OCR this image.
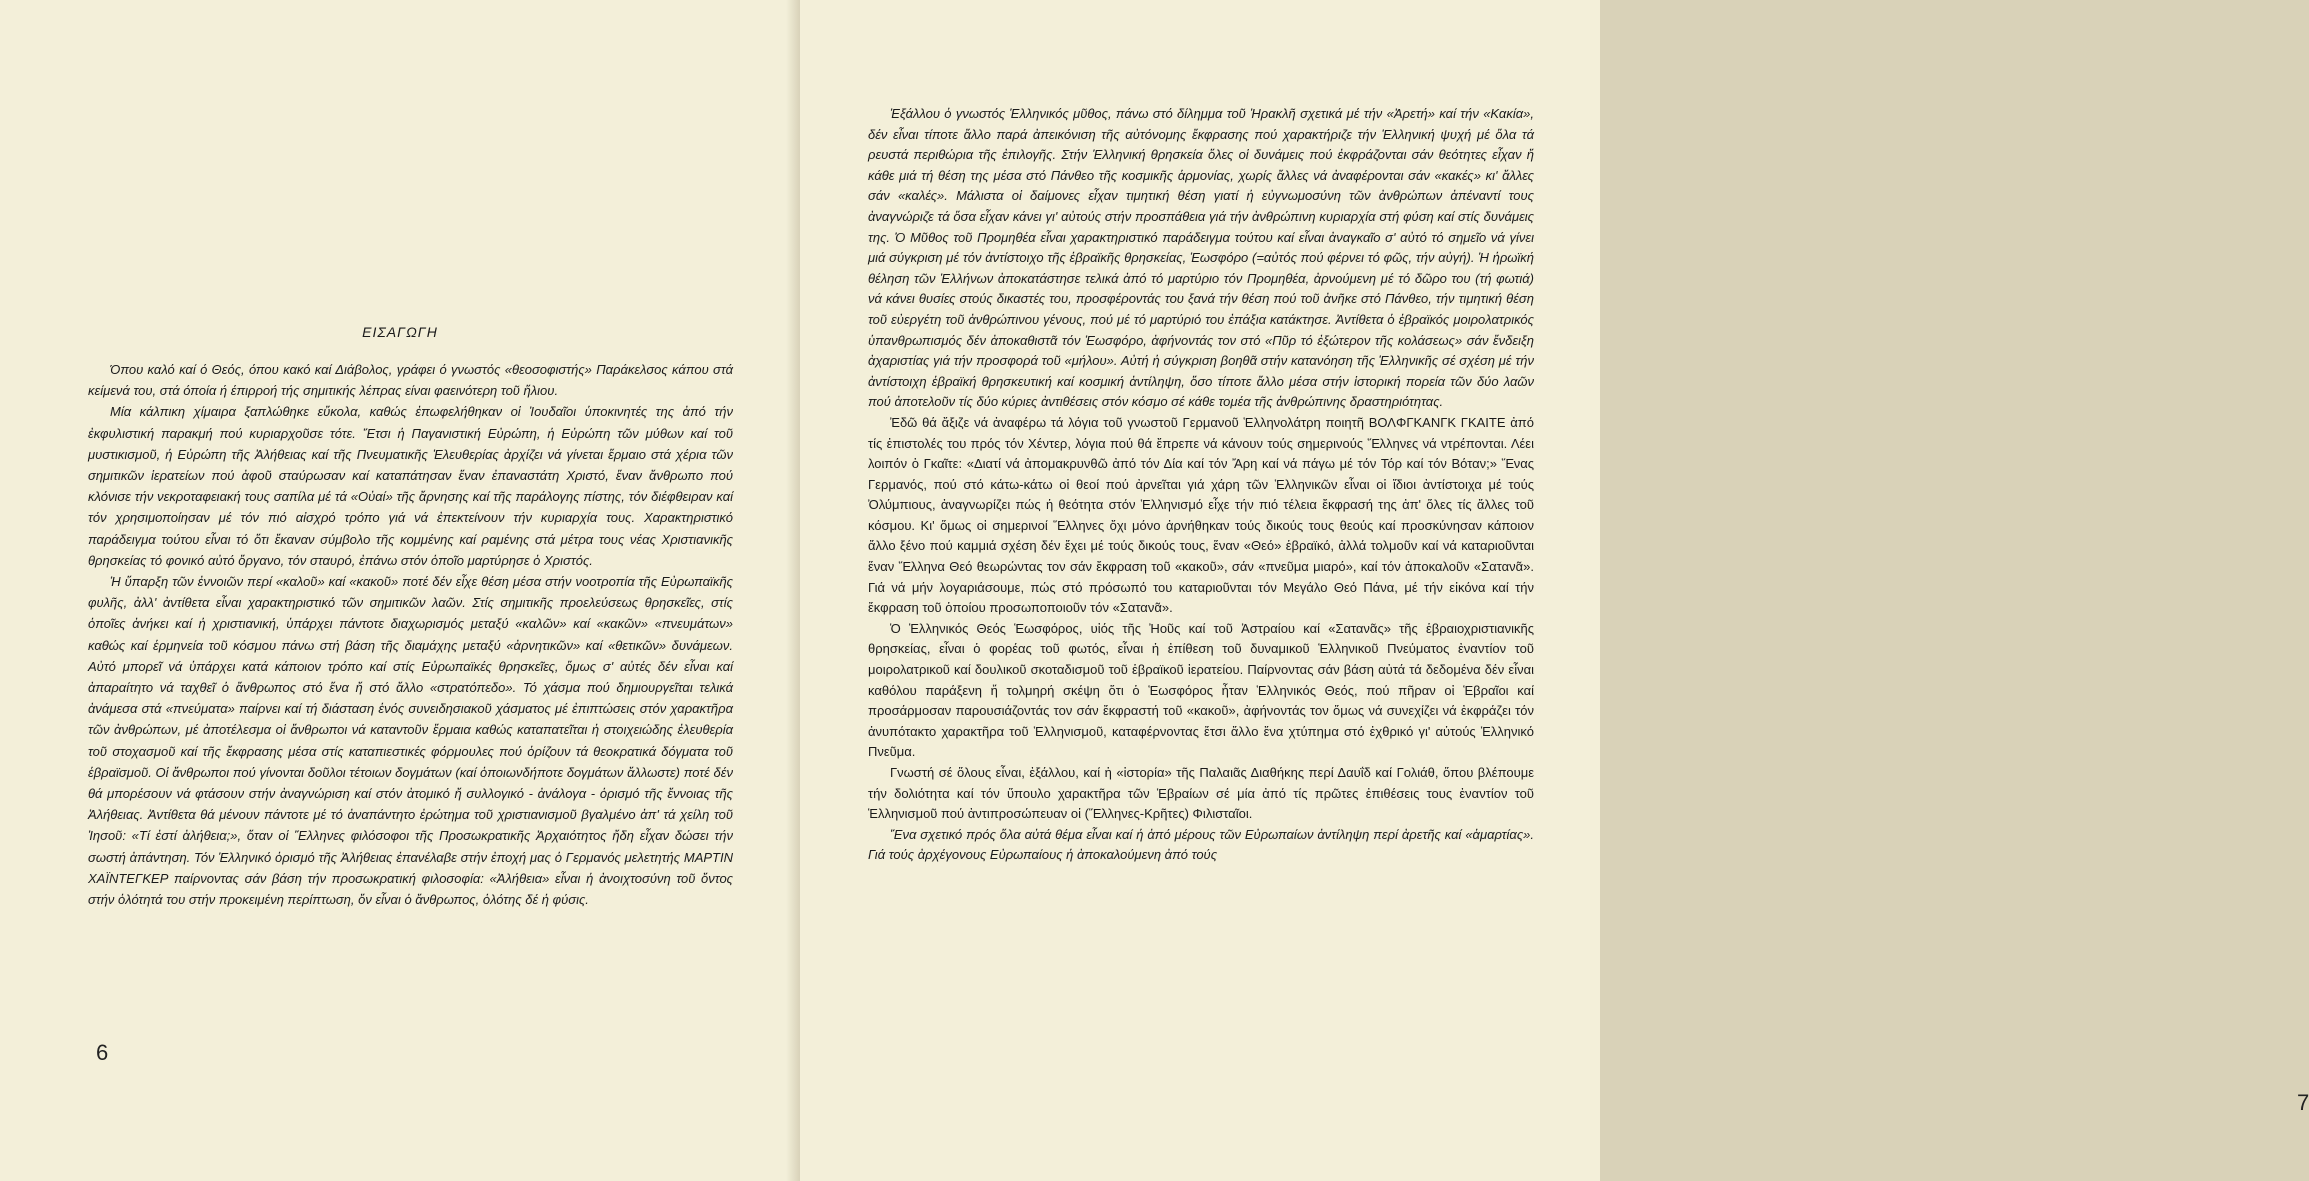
ΕΙΣΑΓΩΓΗ

Όπου καλό καί ό Θεός, όπου κακό καί Διάβολος, γράφει ό γνωστός «θεοσοφιστής» Παράκελσος κάπου στά κείμενά του, στά όποία ή έπιρροή τής σημιτικής λέπρας είναι φαεινότερη τοῦ ἥλιου.

Μία κάλπικη χίμαιρα ξαπλώθηκε εὔκολα, καθώς ἐπωφελήθηκαν οἱ Ἰουδαῖοι ὑποκινητές της ἀπό τήν ἐκφυλιστική παρακμή πού κυριαρχοῦσε τότε. Ἔτσι ἡ Παγανιστική Εὐρώπη, ἡ Εὐρώπη τῶν μύθων καί τοῦ μυστικισμοῦ, ἡ Εὐρώπη τῆς Ἀλήθειας καί τῆς Πνευματικῆς Ἐλευθερίας ἀρχίζει νά γίνεται ἕρμαιο στά χέρια τῶν σημιτικῶν ἱερατείων πού ἀφοῦ σταύρωσαν καί καταπάτησαν ἕναν ἐπαναστάτη Χριστό, ἕναν ἄνθρωπο πού κλόνισε τήν νεκροταφειακή τους σαπίλα μέ τά «Οὐαί» τῆς ἄρνησης καί τῆς παράλογης πίστης, τόν διέφθειραν καί τόν χρησιμοποίησαν μέ τόν πιό αἰσχρό τρόπο γιά νά ἐπεκτείνουν τήν κυριαρχία τους. Χαρακτηριστικό παράδειγμα τούτου εἶναι τό ὅτι ἔκαναν σύμβολο τῆς κομμένης καί ραμένης στά μέτρα τους νέας Χριστιανικῆς θρησκείας τό φονικό αὐτό ὄργανο, τόν σταυρό, ἐπάνω στόν ὁποῖο μαρτύρησε ὁ Χριστός.

Ἡ ὕπαρξη τῶν ἐννοιῶν περί «καλοῦ» καί «κακοῦ» ποτέ δέν εἶχε θέση μέσα στήν νοοτροπία τῆς Εὐρωπαϊκῆς φυλῆς, ἀλλ' ἀντίθετα εἶναι χαρακτηριστικό τῶν σημιτικῶν λαῶν. Στίς σημιτικῆς προελεύσεως θρησκεῖες, στίς ὁποῖες ἀνήκει καί ἡ χριστιανική, ὑπάρχει πάντοτε διαχωρισμός μεταξύ «καλῶν» καί «κακῶν» «πνευμάτων» καθώς καί ἑρμηνεία τοῦ κόσμου πάνω στή βάση τῆς διαμάχης μεταξύ «ἀρνητικῶν» καί «θετικῶν» δυνάμεων. Αὐτό μπορεῖ νά ὑπάρχει κατά κάποιον τρόπο καί στίς Εὐρωπαϊκές θρησκεῖες, ὅμως σ' αὐτές δέν εἶναι καί ἀπαραίτητο νά ταχθεῖ ὁ ἄνθρωπος στό ἕνα ἤ στό ἄλλο «στρατόπεδο». Τό χάσμα πού δημιουργεῖται τελικά ἀνάμεσα στά «πνεύματα» παίρνει καί τή διάσταση ἑνός συνειδησιακοῦ χάσματος μέ ἐπιπτώσεις στόν χαρακτῆρα τῶν ἀνθρώπων, μέ ἀποτέλεσμα οἱ ἄνθρωποι νά καταντοῦν ἕρμαια καθώς καταπατεῖται ἡ στοιχειώδης ἐλευθερία τοῦ στοχασμοῦ καί τῆς ἔκφρασης μέσα στίς καταπιεστικές φόρμουλες πού ὁρίζουν τά θεοκρατικά δόγματα τοῦ ἑβραϊσμοῦ. Οἱ ἄνθρωποι πού γίνονται δοῦλοι τέτοιων δογμάτων (καί ὁποιωνδήποτε δογμάτων ἄλλωστε) ποτέ δέν θά μπορέσουν νά φτάσουν στήν ἀναγνώριση καί στόν ἀτομικό ἤ συλλογικό - ἀνάλογα - ὁρισμό τῆς ἔννοιας τῆς Ἀλήθειας. Ἀντίθετα θά μένουν πάντοτε μέ τό ἀναπάντητο ἐρώτημα τοῦ χριστιανισμοῦ βγαλμένο ἀπ' τά χείλη τοῦ Ἰησοῦ: «Τί ἐστί ἀλήθεια;», ὅταν οἱ Ἕλληνες φιλόσοφοι τῆς Προσωκρατικῆς Ἀρχαιότητος ἤδη εἶχαν δώσει τήν σωστή ἀπάντηση. Τόν Ἑλληνικό ὁρισμό τῆς Ἀλήθειας ἐπανέλαβε στήν ἐποχή μας ὁ Γερμανός μελετητής ΜΑΡΤΙΝ ΧΑΪΝΤΕΓΚΕΡ παίρνοντας σάν βάση τήν προσωκρατική φιλοσοφία: «Ἀλήθεια» εἶναι ἡ ἀνοιχτοσύνη τοῦ ὄντος στήν ὁλότητά του στήν προκειμένη περίπτωση, ὄν εἶναι ὁ ἄνθρωπος, ὁλότης δέ ἡ φύσις.

6
7

Ἐξάλλου ὁ γνωστός Ἑλληνικός μῦθος, πάνω στό δίλημμα τοῦ Ἡρακλῆ σχετικά μέ τήν «Ἀρετή» καί τήν «Κακία», δέν εἶναι τίποτε ἄλλο παρά ἀπεικόνιση τῆς αὐτόνομης ἔκφρασης πού χαρακτήριζε τήν Ἑλληνική ψυχή μέ ὅλα τά ρευστά περιθώρια τῆς ἐπιλογῆς. Στήν Ἑλληνική θρησκεία ὅλες οἱ δυνάμεις πού ἐκφράζονται σάν θεότητες εἶχαν ἤ κάθε μιά τή θέση της μέσα στό Πάνθεο τῆς κοσμικῆς ἁρμονίας, χωρίς ἄλλες νά ἀναφέρονται σάν «κακές» κι' ἄλλες σάν «καλές». Μάλιστα οἱ δαίμονες εἶχαν τιμητική θέση γιατί ἡ εὐγνωμοσύνη τῶν ἀνθρώπων ἀπέναντί τους ἀναγνώριζε τά ὅσα εἶχαν κάνει γι' αὐτούς στήν προσπάθεια γιά τήν ἀνθρώπινη κυριαρχία στή φύση καί στίς δυνάμεις της. Ὁ Μῦθος τοῦ Προμηθέα εἶναι χαρακτηριστικό παράδειγμα τούτου καί εἶναι ἀναγκαῖο σ' αὐτό τό σημεῖο νά γίνει μιά σύγκριση μέ τόν ἀντίστοιχο τῆς ἑβραϊκῆς θρησκείας, Ἑωσφόρο (=αὐτός πού φέρνει τό φῶς, τήν αὐγή). Ἡ ἡρωϊκή θέληση τῶν Ἑλλήνων ἀποκατάστησε τελικά ἀπό τό μαρτύριο τόν Προμηθέα, ἀρνούμενη μέ τό δῶρο του (τή φωτιά) νά κάνει θυσίες στούς δικαστές του, προσφέροντάς του ξανά τήν θέση πού τοῦ ἀνῆκε στό Πάνθεο, τήν τιμητική θέση τοῦ εὐεργέτη τοῦ ἀνθρώπινου γένους, πού μέ τό μαρτύριό του ἐπάξια κατάκτησε. Ἀντίθετα ὁ ἑβραϊκός μοιρολατρικός ὑπανθρωπισμός δέν ἀποκαθιστᾶ τόν Ἑωσφόρο, ἀφήνοντάς τον στό «Πῦρ τό ἐξώτερον τῆς κολάσεως» σάν ἔνδειξη ἀχαριστίας γιά τήν προσφορά τοῦ «μήλου». Αὐτή ἡ σύγκριση βοηθᾶ στήν κατανόηση τῆς Ἑλληνικῆς σέ σχέση μέ τήν ἀντίστοιχη ἑβραϊκή θρησκευτική καί κοσμική ἀντίληψη, ὅσο τίποτε ἄλλο μέσα στήν ἱστορική πορεία τῶν δύο λαῶν πού ἀποτελοῦν τίς δύο κύριες ἀντιθέσεις στόν κόσμο σέ κάθε τομέα τῆς ἀνθρώπινης δραστηριότητας.

Ἐδῶ θά ἄξιζε νά ἀναφέρω τά λόγια τοῦ γνωστοῦ Γερμανοῦ Ἑλληνολάτρη ποιητῆ ΒΟΛΦΓΚΑΝΓΚ ΓΚΑΙΤΕ ἀπό τίς ἐπιστολές του πρός τόν Χέντερ, λόγια πού θά ἔπρεπε νά κάνουν τούς σημερινούς Ἕλληνες νά ντρέπονται. Λέει λοιπόν ὁ Γκαῖτε: «Διατί νά ἀπομακρυνθῶ ἀπό τόν Δία καί τόν Ἄρη καί νά πάγω μέ τόν Τόρ καί τόν Βόταν;» Ἕνας Γερμανός, πού στό κάτω-κάτω οἱ θεοί πού ἀρνεῖται γιά χάρη τῶν Ἑλληνικῶν εἶναι οἱ ἴδιοι ἀντίστοιχα μέ τούς Ὀλύμπιους, ἀναγνωρίζει πώς ἡ θεότητα στόν Ἑλληνισμό εἶχε τήν πιό τέλεια ἔκφρασή της ἀπ' ὅλες τίς ἄλλες τοῦ κόσμου. Κι' ὅμως οἱ σημερινοί Ἕλληνες ὄχι μόνο ἀρνήθηκαν τούς δικούς τους θεούς καί προσκύνησαν κάποιον ἄλλο ξένο πού καμμιά σχέση δέν ἔχει μέ τούς δικούς τους, ἕναν «Θεό» ἑβραϊκό, ἀλλά τολμοῦν καί νά καταριοῦνται ἕναν Ἕλληνα Θεό θεωρώντας τον σάν ἔκφραση τοῦ «κακοῦ», σάν «πνεῦμα μιαρό», καί τόν ἀποκαλοῦν «Σατανᾶ». Γιά νά μήν λογαριάσουμε, πώς στό πρόσωπό του καταριοῦνται τόν Μεγάλο Θεό Πάνα, μέ τήν εἰκόνα καί τήν ἔκφραση τοῦ ὁποίου προσωποποιοῦν τόν «Σατανᾶ».

Ὁ Ἑλληνικός Θεός Ἑωσφόρος, υἱός τῆς Ἠοῦς καί τοῦ Ἀστραίου καί «Σατανᾶς» τῆς ἑβραιοχριστιανικῆς θρησκείας, εἶναι ὁ φορέας τοῦ φωτός, εἶναι ἡ ἐπίθεση τοῦ δυναμικοῦ Ἑλληνικοῦ Πνεύματος ἐναντίον τοῦ μοιρολατρικοῦ καί δουλικοῦ σκοταδισμοῦ τοῦ ἑβραϊκοῦ ἱερατείου. Παίρνοντας σάν βάση αὐτά τά δεδομένα δέν εἶναι καθόλου παράξενη ἤ τολμηρή σκέψη ὅτι ὁ Ἑωσφόρος ἦταν Ἑλληνικός Θεός, πού πῆραν οἱ Ἑβραῖοι καί προσάρμοσαν παρουσιάζοντάς τον σάν ἔκφραστή τοῦ «κακοῦ», ἀφήνοντάς τον ὅμως νά συνεχίζει νά ἐκφράζει τόν ἀνυπότακτο χαρακτῆρα τοῦ Ἑλληνισμοῦ, καταφέρνοντας ἔτσι ἄλλο ἕνα χτύπημα στό ἐχθρικό γι' αὐτούς Ἑλληνικό Πνεῦμα.

Γνωστή σέ ὅλους εἶναι, ἐξάλλου, καί ἡ «ἱστορία» τῆς Παλαιᾶς Διαθήκης περί Δαυΐδ καί Γολιάθ, ὅπου βλέπουμε τήν δολιότητα καί τόν ὕπουλο χαρακτῆρα τῶν Ἑβραίων σέ μία ἀπό τίς πρῶτες ἐπιθέσεις τους ἐναντίον τοῦ Ἑλληνισμοῦ πού ἀντιπροσώπευαν οἱ (Ἕλληνες-Κρῆτες) Φιλισταῖοι.

Ἕνα σχετικό πρός ὅλα αὐτά θέμα εἶναι καί ἡ ἀπό μέρους τῶν Εὐρωπαίων ἀντίληψη περί ἀρετῆς καί «ἁμαρτίας». Γιά τούς ἀρχέγονους Εὐρωπαίους ἡ ἀποκαλούμενη ἀπό τούς
